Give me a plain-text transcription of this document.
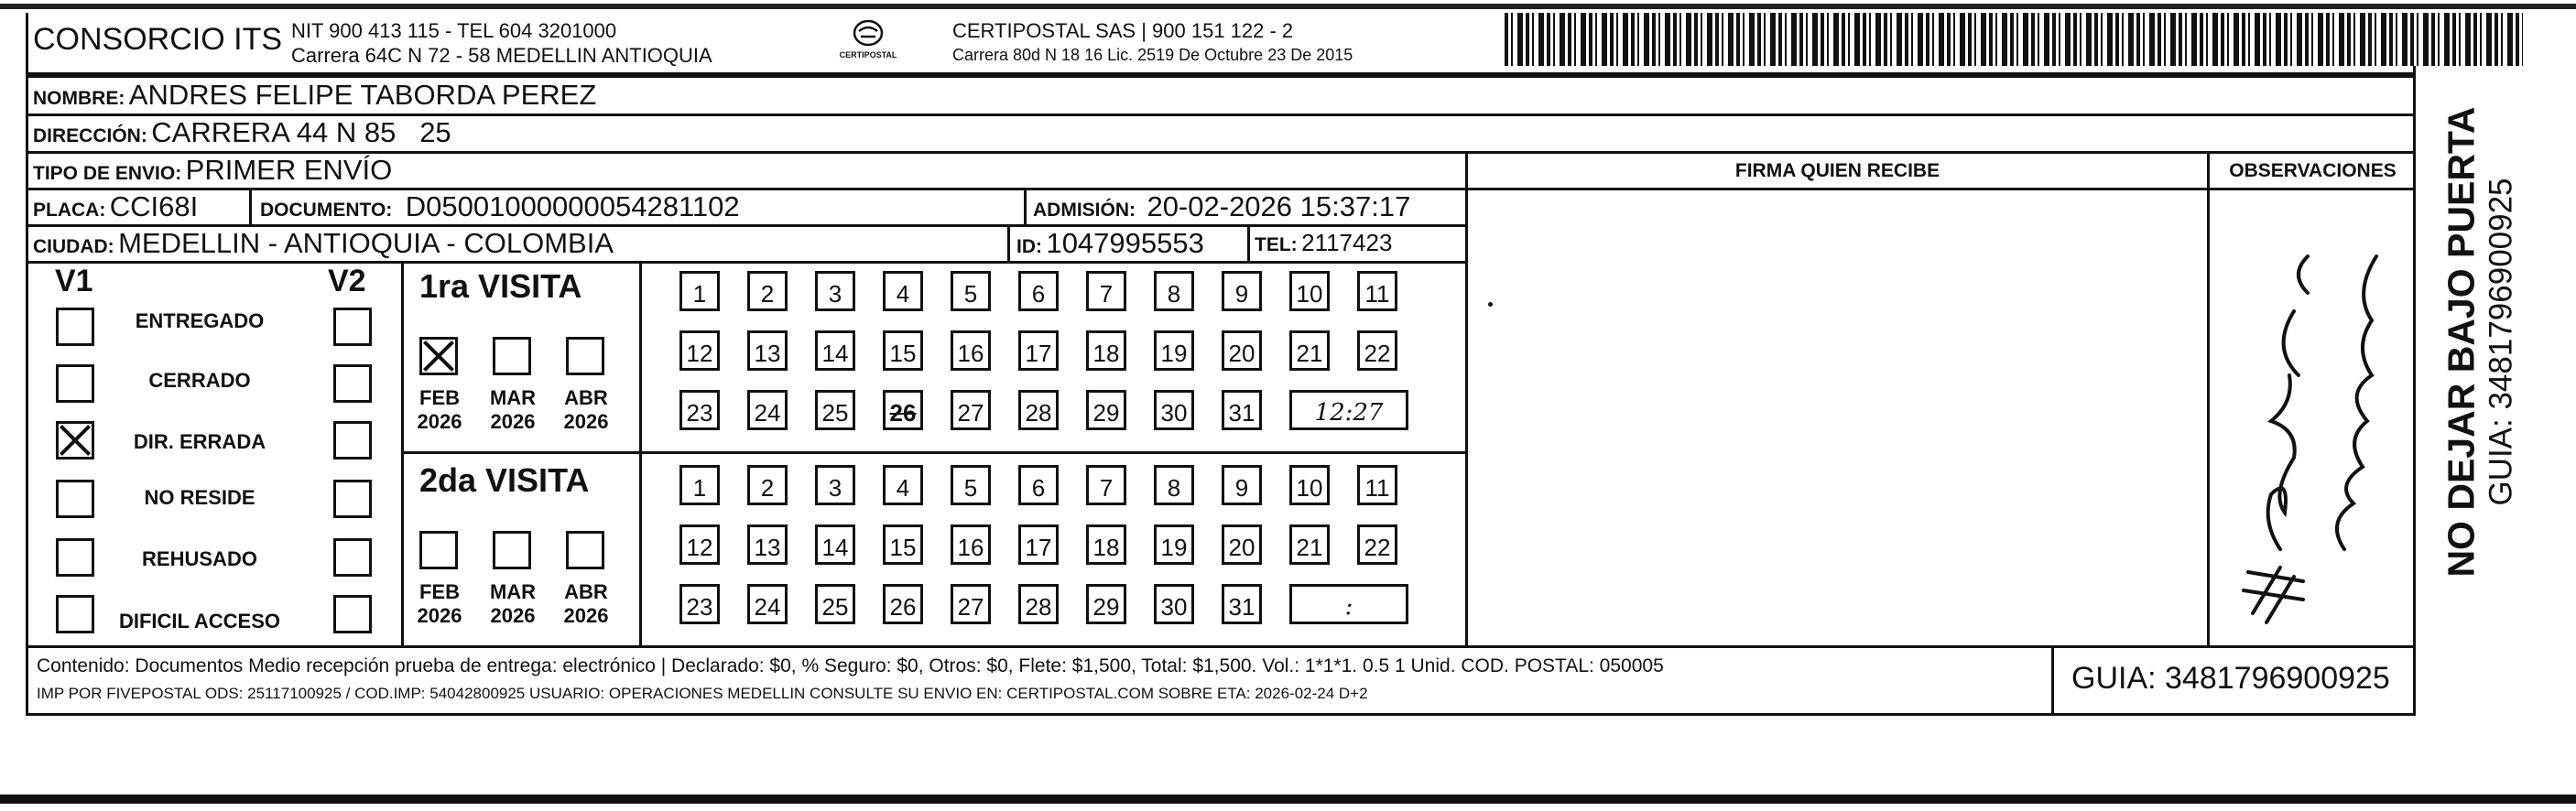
CONSORCIO ITS NIT 900 413 115 - TEL 604 3201000
Carrera 64C N 72 - 58 MEDELLIN ANTIOQUIA	CERTIPOSTAL
CERTIPOSTAL SAS | 900 151 122 - 2
Carrera 80d N 18 16 Lic. 2519 De Octubre 23 De 2015
NOMBRE: ANDRES FELIPE TABORDA PEREZ
DIRECCIÓN: CARRERA 44 N 85   25
TIPO DE ENVIO: PRIMER ENVÍO	FIRMA QUIEN RECIBE	OBSERVACIONES
PLACA: CCI68I	DOCUMENTO: D05001000000054281102	ADMISIÓN: 20-02-2026 15:37:17
CIUDAD: MEDELLIN - ANTIOQUIA - COLOMBIA	ID: 1047995553	TEL: 2117423
V1	V2
ENTREGADO
CERRADO
DIR. ERRADA
NO RESIDE
REHUSADO
DIFICIL ACCESO
1ra VISITA
FEB
2026
MAR
2026
ABR
2026
1	2	3	4	5	6	7	8	9	10	11
12 13 14 15 16 17 18 19 20 21 22
23 24 25 26 27 28 29 30 31	12:27
2da VISITA
FEB
2026
MAR
2026
ABR
2026
1	2	3	4	5	6	7	8	9	10	11
12 13 14 15 16 17 18 19 20 21 22
23 24 25 26 27 28 29 30 31	:
Contenido: Documentos Medio recepción prueba de entrega: electrónico | Declarado: $0, % Seguro: $0, Otros: $0, Flete: $1,500, Total: $1,500. Vol.: 1*1*1. 0.5 1 Unid. COD. POSTAL: 050005
IMP POR FIVEPOSTAL ODS: 25117100925 / COD.IMP: 54042800925 USUARIO: OPERACIONES MEDELLIN CONSULTE SU ENVIO EN: CERTIPOSTAL.COM SOBRE ETA: 2026-02-24 D+2	GUIA: 3481796900925
NO DEJAR BAJO PUERTA GUIA: 3481796900925
